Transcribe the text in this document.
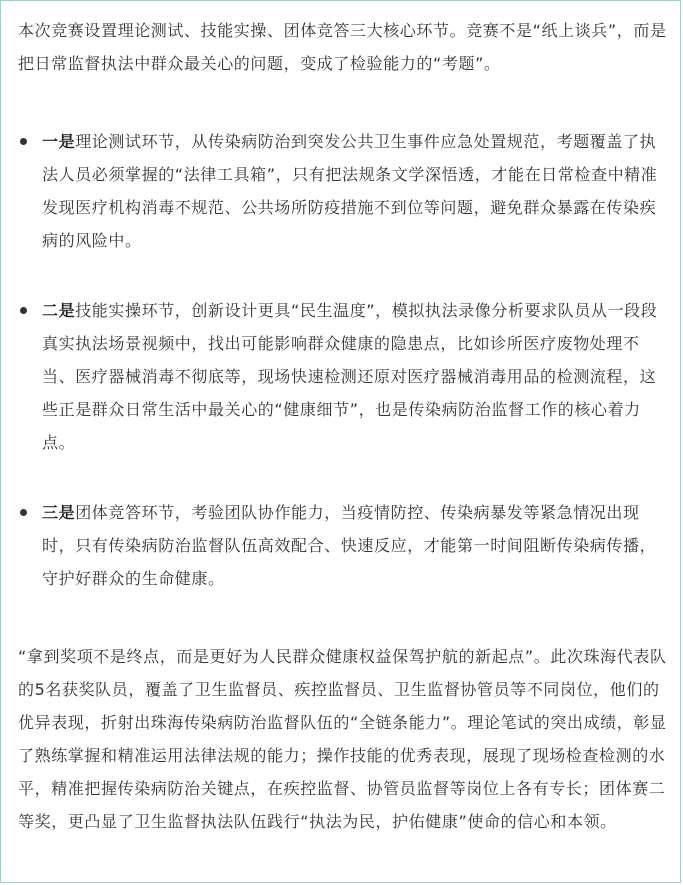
本次竞赛设置理论测试、技能实操、团体竞答三大核心环节。竞赛不是“纸上谈兵”，而是把日常监督执法中群众最关心的问题，变成了检验能力的“考题”。

一是理论测试环节，从传染病防治到突发公共卫生事件应急处置规范，考题覆盖了执法人员必须掌握的“法律工具箱”，只有把法规条文学深悟透，才能在日常检查中精准发现医疗机构消毒不规范、公共场所防疫措施不到位等问题，避免群众暴露在传染疾病的风险中。
二是技能实操环节，创新设计更具“民生温度”，模拟执法录像分析要求队员从一段段真实执法场景视频中，找出可能影响群众健康的隐患点，比如诊所医疗废物处理不当、医疗器械消毒不彻底等，现场快速检测还原对医疗器械消毒用品的检测流程，这些正是群众日常生活中最关心的“健康细节”，也是传染病防治监督工作的核心着力点。
三是团体竞答环节，考验团队协作能力，当疫情防控、传染病暴发等紧急情况出现时，只有传染病防治监督队伍高效配合、快速反应，才能第一时间阻断传染病传播，守护好群众的生命健康。

“拿到奖项不是终点，而是更好为人民群众健康权益保驾护航的新起点”。此次珠海代表队的5名获奖队员，覆盖了卫生监督员、疾控监督员、卫生监督协管员等不同岗位，他们的优异表现，折射出珠海传染病防治监督队伍的“全链条能力”。理论笔试的突出成绩，彰显了熟练掌握和精准运用法律法规的能力；操作技能的优秀表现，展现了现场检查检测的水平，精准把握传染病防治关键点，在疾控监督、协管员监督等岗位上各有专长；团体赛二等奖，更凸显了卫生监督执法队伍践行“执法为民，护佑健康”使命的信心和本领。
